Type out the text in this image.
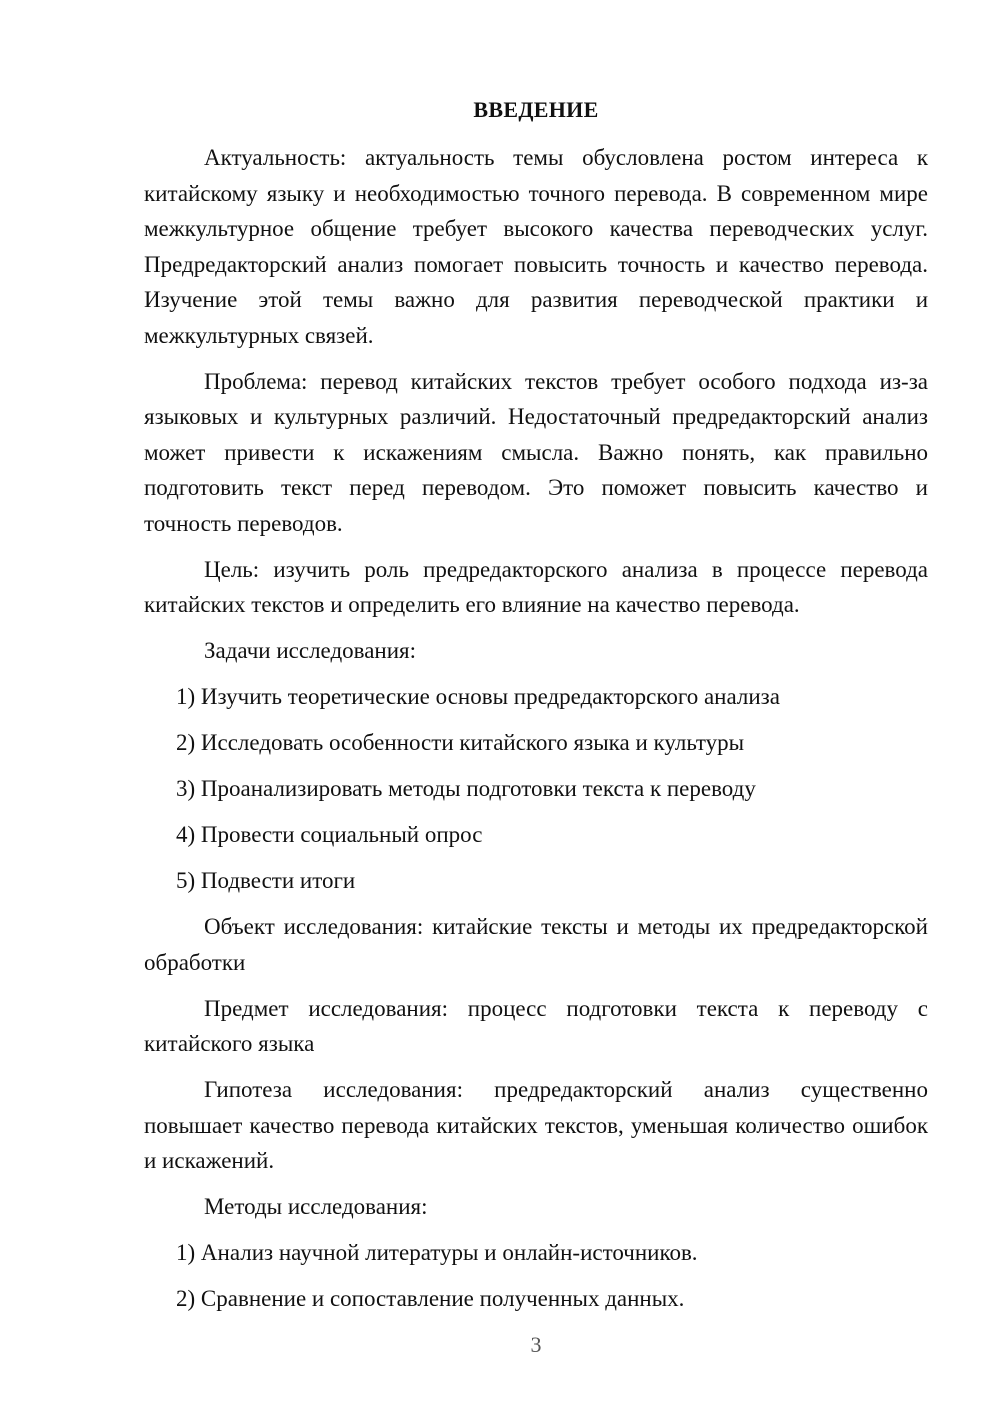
ВВЕДЕНИЕ

Актуальность: актуальность темы обусловлена ростом интереса к китайскому языку и необходимостью точного перевода. В современном мире межкультурное общение требует высокого качества переводческих услуг. Предредакторский анализ помогает повысить точность и качество перевода. Изучение этой темы важно для развития переводческой практики и межкультурных связей.

Проблема: перевод китайских текстов требует особого подхода из-за языковых и культурных различий. Недостаточный предредакторский анализ может привести к искажениям смысла. Важно понять, как правильно подготовить текст перед переводом. Это поможет повысить качество и точность переводов.

Цель: изучить роль предредакторского анализа в процессе перевода китайских текстов и определить его влияние на качество перевода.

Задачи исследования:

1) Изучить теоретические основы предредакторского анализа

2) Исследовать особенности китайского языка и культуры

3) Проанализировать методы подготовки текста к переводу

4) Провести социальный опрос

5) Подвести итоги

Объект исследования: китайские тексты и методы их предредакторской обработки

Предмет исследования: процесс подготовки текста к переводу с китайского языка

Гипотеза исследования: предредакторский анализ существенно повышает качество перевода китайских текстов, уменьшая количество ошибок и искажений.

Методы исследования:

1) Анализ научной литературы и онлайн-источников.

2) Сравнение и сопоставление полученных данных.

3
